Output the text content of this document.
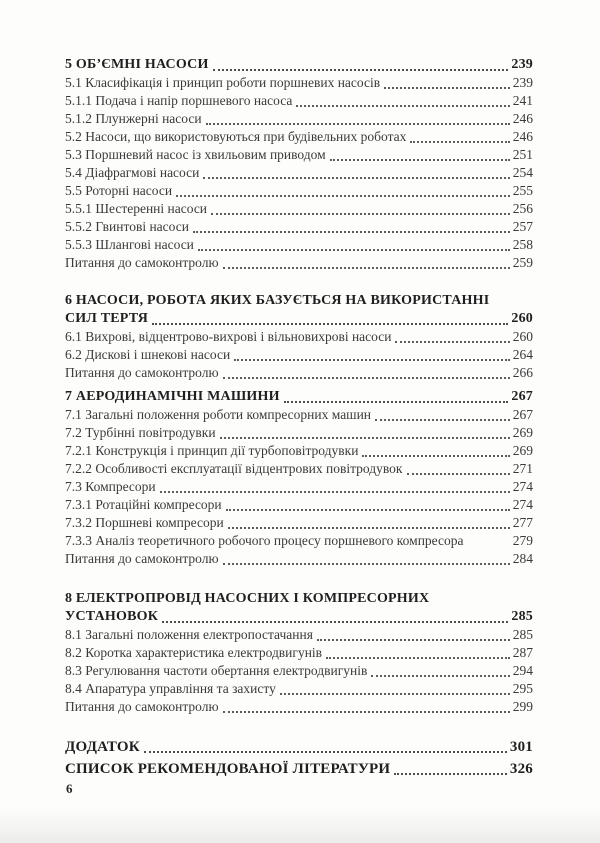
5 ОБ’ЄМНІ НАСОСИ	239
5.1 Класифікація і принцип роботи поршневих насосів	239
5.1.1 Подача і напір поршневого насоса	241
5.1.2 Плунжерні насоси	246
5.2 Насоси, що використовуються при будівельних роботах	246
5.3 Поршневий насос із хвильовим приводом	251
5.4 Діафрагмові насоси	254
5.5 Роторні насоси	255
5.5.1 Шестеренні насоси	256
5.5.2 Гвинтові насоси	257
5.5.3 Шлангові насоси	258
Питання до самоконтролю	259
6 НАСОСИ, РОБОТА ЯКИХ БАЗУЄТЬСЯ НА ВИКОРИСТАННІ
СИЛ ТЕРТЯ	260
6.1 Вихрові, відцентрово-вихрові і вільновихрові насоси	260
6.2 Дискові і шнекові насоси	264
Питання до самоконтролю	266
7 АЕРОДИНАМІЧНІ МАШИНИ	267
7.1 Загальні положення роботи компресорних машин	267
7.2 Турбінні повітродувки	269
7.2.1 Конструкція і принцип дії турбоповітродувки	269
7.2.2 Особливості експлуатації відцентрових повітродувок	271
7.3 Компресори	274
7.3.1 Ротаційні компресори	274
7.3.2 Поршневі компресори	277
7.3.3 Аналіз теоретичного робочого процесу поршневого компресора	279
Питання до самоконтролю	284
8 ЕЛЕКТРОПРОВІД НАСОСНИХ І КОМПРЕСОРНИХ
УСТАНОВОК	285
8.1 Загальні положення електропостачання	285
8.2 Коротка характеристика електродвигунів	287
8.3 Регулювання частоти обертання електродвигунів	294
8.4 Апаратура управління та захисту	295
Питання до самоконтролю	299
ДОДАТОК	301
СПИСОК РЕКОМЕНДОВАНОЇ ЛІТЕРАТУРИ	326
6
